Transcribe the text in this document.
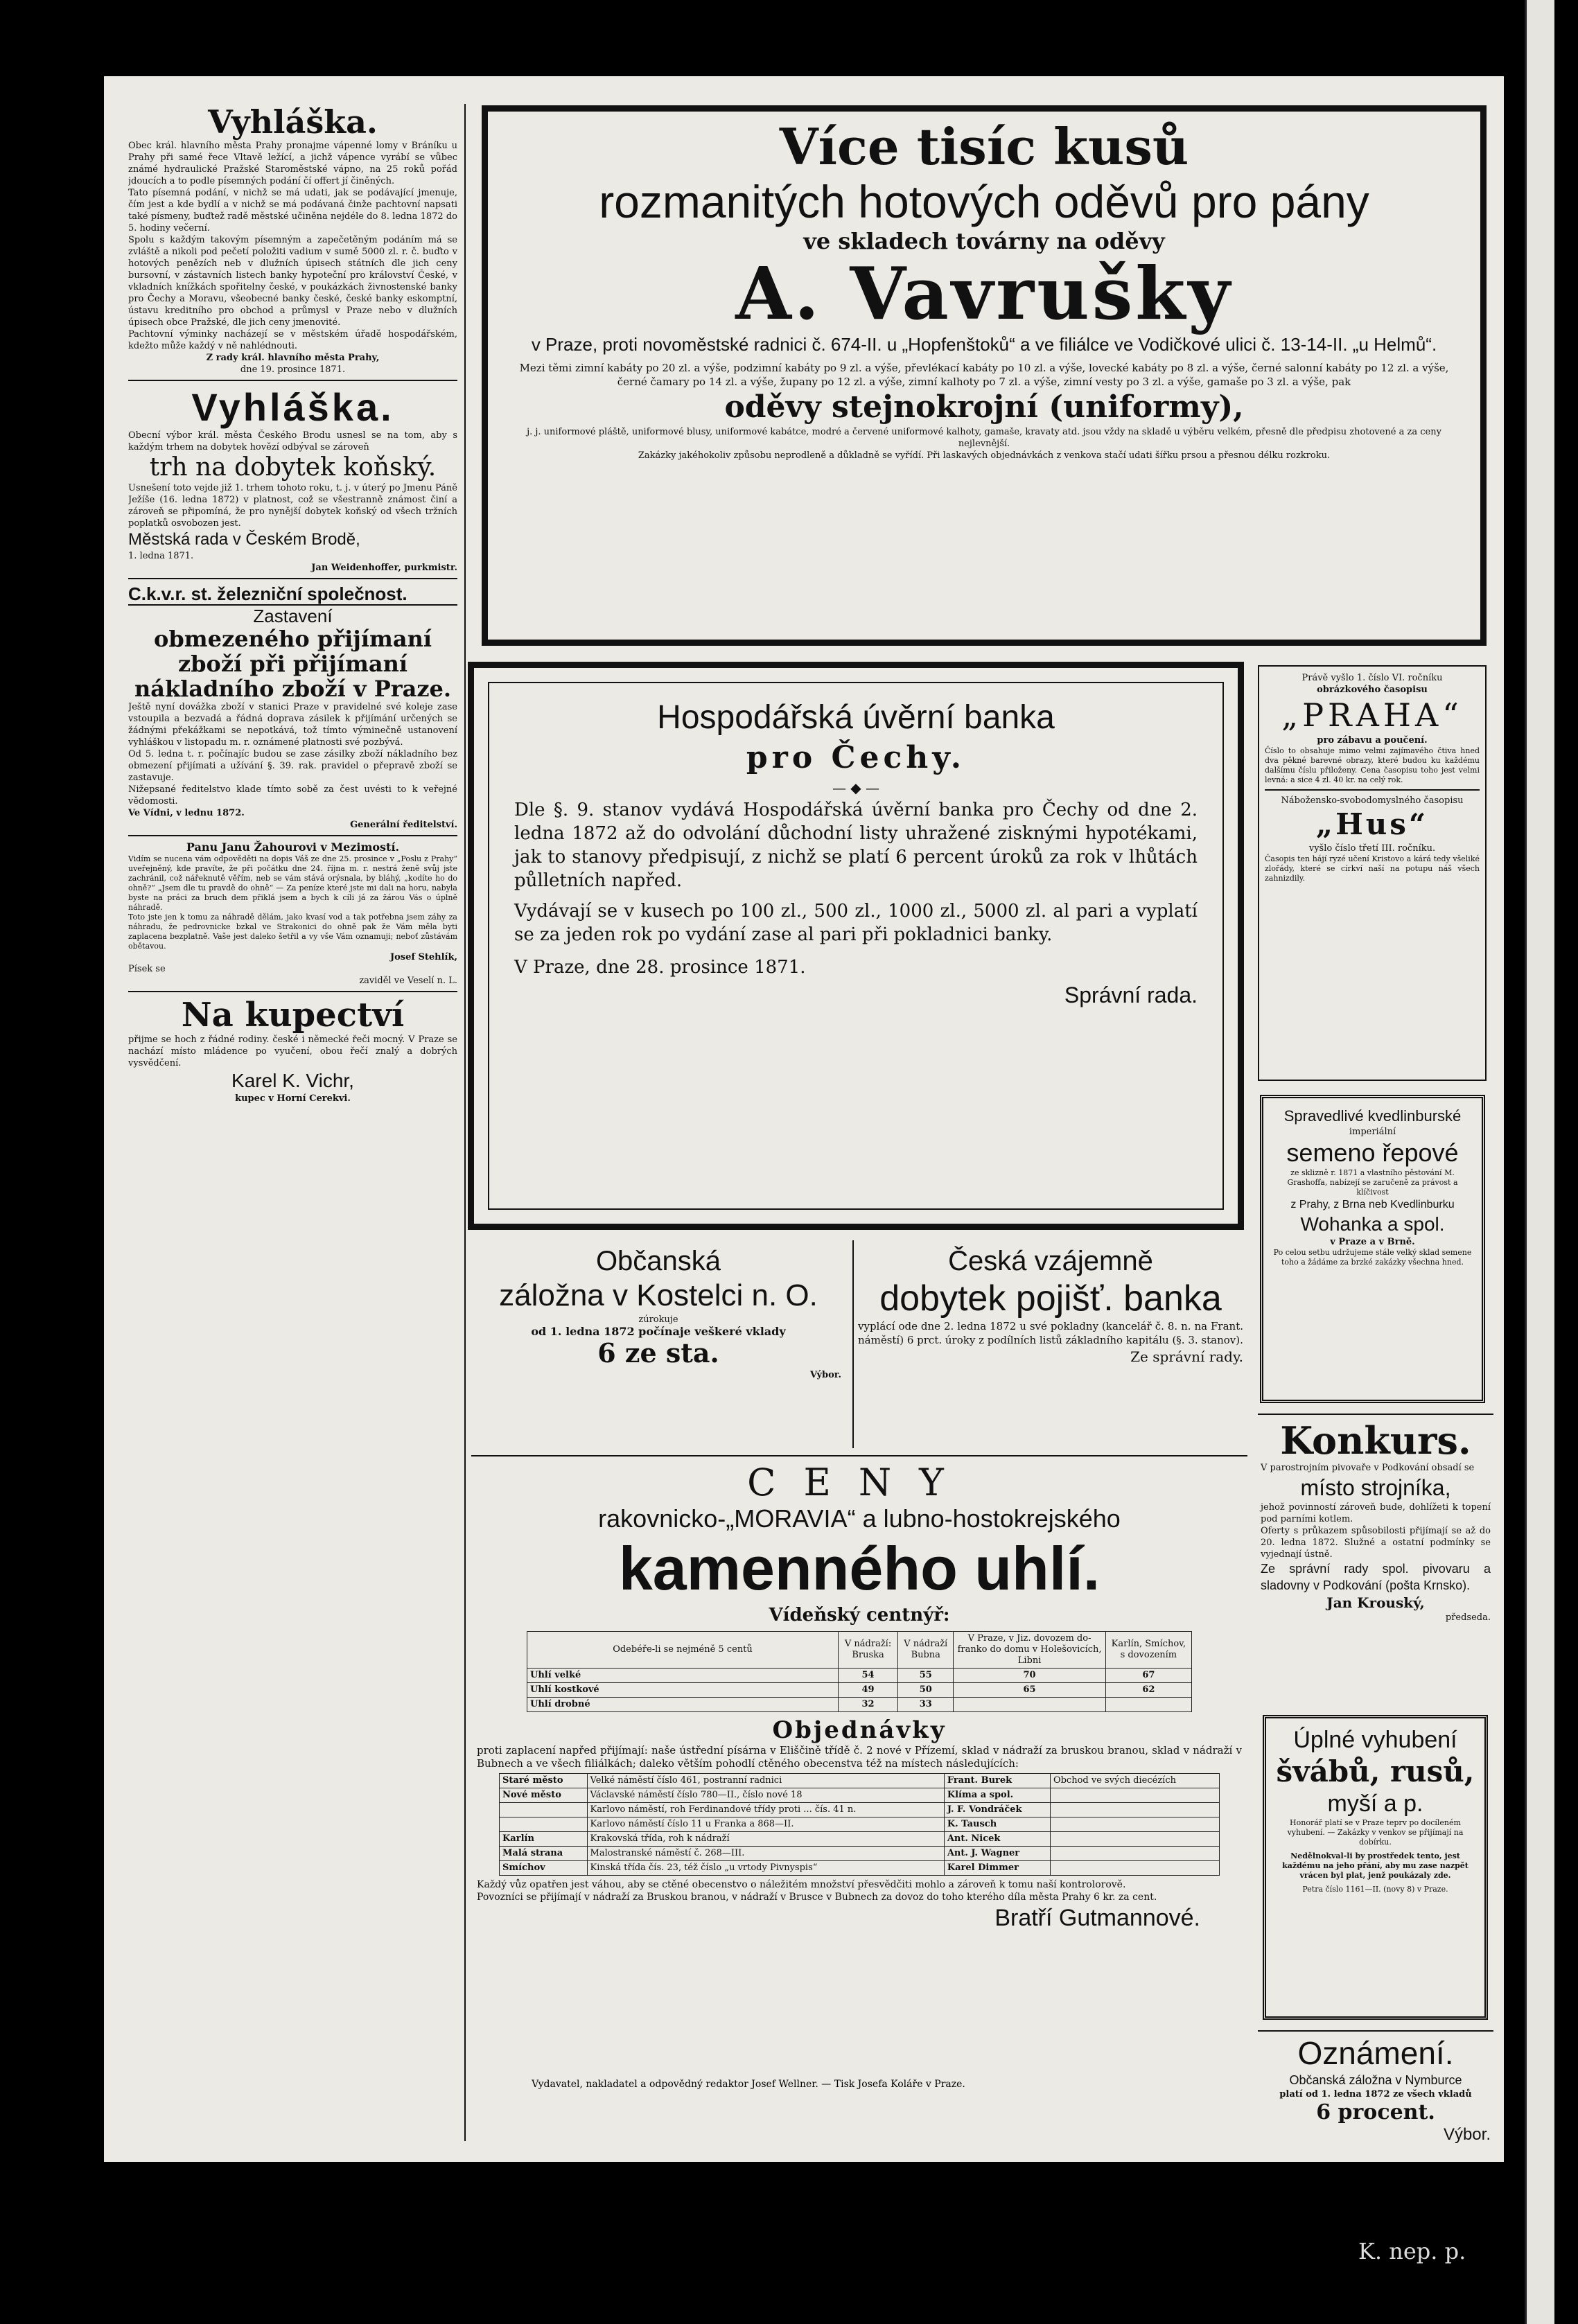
Vyhláška.

Obec král. hlavního města Prahy pronajme vápenné lomy v Bráníku u Prahy při samé řece Vltavě ležící, a jichž vápence vyrábí se vůbec známé hydraulické Pražské Staroměstské vápno, na 25 roků pořád jdoucích a to podle písemných podání čí offert jí činěných.

Tato písemná podání, v nichž se má udati, jak se podávající jmenuje, čím jest a kde bydlí a v nichž se má podávaná činže pachtovní napsati také písmeny, buďtež radě městské učiněna nejdéle do 8. ledna 1872 do 5. hodiny večerní.

Spolu s každým takovým písemným a zapečetěným podáním má se zvláště a nikoli pod pečetí položiti vadium v sumě 5000 zl. r. č. buďto v hotových penězích neb v dlužních úpisech státních dle jich ceny bursovní, v zástavních listech banky hypoteční pro království České, v vkladních knížkách spořitelny české, v poukázkách živnostenské banky pro Čechy a Moravu, všeobecné banky české, české banky eskomptní, ústavu kreditního pro obchod a průmysl v Praze nebo v dlužních úpisech obce Pražské, dle jich ceny jmenovité.

Pachtovní výminky nacházejí se v městském úřadě hospodářském, kdežto může každý v ně nahlédnouti.

Z rady král. hlavního města Prahy,

dne 19. prosince 1871.

Vyhláška.

Obecní výbor král. města Českého Brodu usnesl se na tom, aby s každým trhem na dobytek hovězí odbýval se zároveň

trh na dobytek koňský.

Usnešení toto vejde již 1. trhem tohoto roku, t. j. v úterý po Jmenu Páně Ježíše (16. ledna 1872) v platnost, což se všestranně známost činí a zároveň se připomíná, že pro nynější dobytek koňský od všech tržních poplatků osvobozen jest.

Městská rada v Českém Brodě,

1. ledna 1871.

Jan Weidenhoffer, purkmistr.

C.k.v.r. st. železniční společnost.

Zastavení

obmezeného přijímaní zboží při přijímaní nákladního zboží v Praze.

Ještě nyní dovážka zboží v stanici Praze v pravidelné své koleje zase vstoupila a bezvadá a řádná doprava zásilek k přijímání určených se žádnými překážkami se nepotkává, tož tímto výminečně ustanovení vyhláškou v listopadu m. r. oznámené platnosti své pozbývá.

Od 5. ledna t. r. počínajíc budou se zase zásilky zboží nákladního bez obmezení přijímati a užívání §. 39. rak. pravidel o přepravě zboží se zastavuje.

Nižepsané ředitelstvo klade tímto sobě za čest uvésti to k veřejné vědomosti.

Ve Vídni, v lednu 1872.

Generální ředitelství.

Panu Janu Žahourovi v Mezimostí.

Vidím se nucena vám odpověděti na dopis Váš ze dne 25. prosince v „Poslu z Prahy“ uveřejněný, kde pravíte, že při počátku dne 24. října m. r. nestrá ženě svůj jste zachránil, což nářeknutě věřím, neb se vám stává orýsnala, by bláhý, „kodíte ho do ohně?“ „Jsem dle tu pravdě do ohně“ — Za peníze které jste mi dali na horu, nabyla byste na práci za bruch dem přiklá jsem a bych k cíli já za žárou Vás o úplně náhradě.

Toto jste jen k tomu za náhradě dělám, jako kvasí vod a tak potřebna jsem záhy za náhradu, že pedrovnicke bzkal ve Strakonici do ohně pak že Vám měla byti zaplacena bezplatně. Vaše jest daleko šetřil a vy vše Vám oznamuji; neboť zůstávám obětavou.

Josef Stehlík,

Písek se

zaviděl ve Veselí n. L.

Na kupectví

přijme se hoch z řádné rodiny. české i německé řeči mocný. V Praze se nachází místo mládence po vyučení, obou řečí znalý a dobrých vysvědčení.

Karel K. Vichr,

kupec v Horní Cerekvi.

Více tisíc kusů

rozmanitých hotových oděvů pro pány

ve skladech továrny na oděvy

A. Vavrušky

v Praze, proti novoměstské radnici č. 674-II. u „Hopfenštoků“ a ve filiálce ve Vodičkové ulici č. 13-14-II. „u Helmů“.

Mezi těmi zimní kabáty po 20 zl. a výše, podzimní kabáty po 9 zl. a výše, převlékací kabáty po 10 zl. a výše, lovecké kabáty po 8 zl. a výše, černé salonní kabáty po 12 zl. a výše, černé čamary po 14 zl. a výše, župany po 12 zl. a výše, zimní kalhoty po 7 zl. a výše, zimní vesty po 3 zl. a výše, gamaše po 3 zl. a výše, pak

oděvy stejnokrojní (uniformy),

j. j. uniformové pláště, uniformové blusy, uniformové kabátce, modré a červené uniformové kalhoty, gamaše, kravaty atd. jsou vždy na skladě u výběru velkém, přesně dle předpisu zhotovené a za ceny nejlevnější.

Zakázky jakéhokoliv způsobu neprodleně a důkladně se vyřídí. Při laskavých objednávkách z venkova stačí udati šířku prsou a přesnou délku rozkroku.

Hospodářská úvěrní banka

pro Čechy.

— ◆ —

Dle §. 9. stanov vydává Hospodářská úvěrní banka pro Čechy od dne 2. ledna 1872 až do odvolání důchodní listy uhražené zisknými hypotékami, jak to stanovy předpisují, z nichž se platí 6 percent úroků za rok v lhůtách půlletních napřed.

Vydávají se v kusech po 100 zl., 500 zl., 1000 zl., 5000 zl. al pari a vyplatí se za jeden rok po vydání zase al pari při pokladnici banky.

V Praze, dne 28. prosince 1871.

Správní rada.

Právě vyšlo 1. číslo VI. ročníku

obrázkového časopisu

„PRAHA“

pro zábavu a poučení.

Číslo to obsahuje mimo velmi zajímavého čtiva hned dva pěkné barevné obrazy, které budou ku každému dalšímu číslu přiloženy. Cena časopisu toho jest velmi levná: a sice 4 zl. 40 kr. na celý rok.

Nábožensko-svobodomyslného časopisu

„Hus“

vyšlo číslo třetí III. ročníku.

Časopis ten hájí ryzé učení Kristovo a kárá tedy všeliké zlořády, které se církví naší na potupu náš všech zahnizdily.

Spravedlivé kvedlinburské

imperiální

semeno řepové

ze sklizně r. 1871 a vlastního pěstování M. Grashoffa, nabízejí se zaručeně za právost a klíčivost

z Prahy, z Brna neb Kvedlinburku

Wohanka a spol.

v Praze a v Brně.

Po celou setbu udržujeme stále velký sklad semene toho a žádáme za brzké zakázky všechna hned.

Občanská

záložna v Kostelci n. O.

zúrokuje

od 1. ledna 1872 počínaje veškeré vklady

6 ze sta.

Výbor.

Česká vzájemně

dobytek pojišť. banka

vyplácí ode dne 2. ledna 1872 u své pokladny (kancelář č. 8. n. na Frant. náměstí) 6 prct. úroky z podílních listů základního kapitálu (§. 3. stanov).

Ze správní rady.

CENY

rakovnicko-„MORAVIA“ a lubno-hostokrejského

kamenného uhlí.

Vídeňský centnýř:

Odebéře-li se nejméně 5 centů	V nádraží: Bruska	V nádraží Bubna	V Praze, v Jiz. dovozem do-franko do domu v Holešovicích, Libni	Karlín, Smíchov, s dovozením
Uhlí velké	54	55	70	67
Uhlí kostkové	49	50	65	62
Uhlí drobné	32	33		

Objednávky

proti zaplacení napřed přijímají: naše ústřední písárna v Eliščině třídě č. 2 nové v Přízemí, sklad v nádraží za bruskou branou, sklad v nádraží v Bubnech a ve všech filiálkách; daleko větším pohodlí ctěného obecenstva též na místech následujících:

Staré město	Velké náměstí číslo 461, postranní radnici	Frant. Burek	Obchod ve svých diecézích
Nové město	Václavské náměstí číslo 780—II., číslo nové 18	Klíma a spol.	
	Karlovo náměstí, roh Ferdinandové třídy proti ... čís. 41 n.	J. F. Vondráček	
	Karlovo náměstí číslo 11 u Franka a 868—II.	K. Tausch	
Karlín	Krakovská třída, roh k nádraží	Ant. Nicek	
Malá strana	Malostranské náměstí č. 268—III.	Ant. J. Wagner	
Smíchov	Kinská třída čís. 23, též číslo „u vrtody Pivnyspis“	Karel Dimmer	

Každý vůz opatřen jest váhou, aby se ctěné obecenstvo o náležitém množství přesvědčiti mohlo a zároveň k tomu naší kontrolorově.

Povozníci se přijímají v nádraží za Bruskou branou, v nádraží v Brusce v Bubnech za dovoz do toho kterého díla města Prahy 6 kr. za cent.

Bratří Gutmannové.

Konkurs.

V parostrojním pivovaře v Podkování obsadí se

místo strojníka,

jehož povinností zároveň bude, dohlížeti k topení pod parními kotlem.

Oferty s průkazem spůsobilosti přijímají se až do 20. ledna 1872. Služné a ostatní podmínky se vyjednají ústně.

Ze správní rady spol. pivovaru a sladovny v Podkování (pošta Krnsko).

Jan Krouský,

předseda.

Úplné vyhubení

švábů, rusů,

myší a p.

Honorář platí se v Praze teprv po docíleném vyhubení. — Zakázky v venkov se přijímají na dobírku.

Nedělnokval-li by prostředek tento, jest každému na jeho přání, aby mu zase nazpět vrácen byl plat, jenž poukázaly zde.

Petra číslo 1161—II. (novy 8) v Praze.

Oznámení.

Občanská záložna v Nymburce

platí od 1. ledna 1872 ze všech vkladů

6 procent.

Výbor.

Vydavatel, nakladatel a odpovědný redaktor Josef Wellner. — Tisk Josefa Koláře v Praze.
K. nep. p.
